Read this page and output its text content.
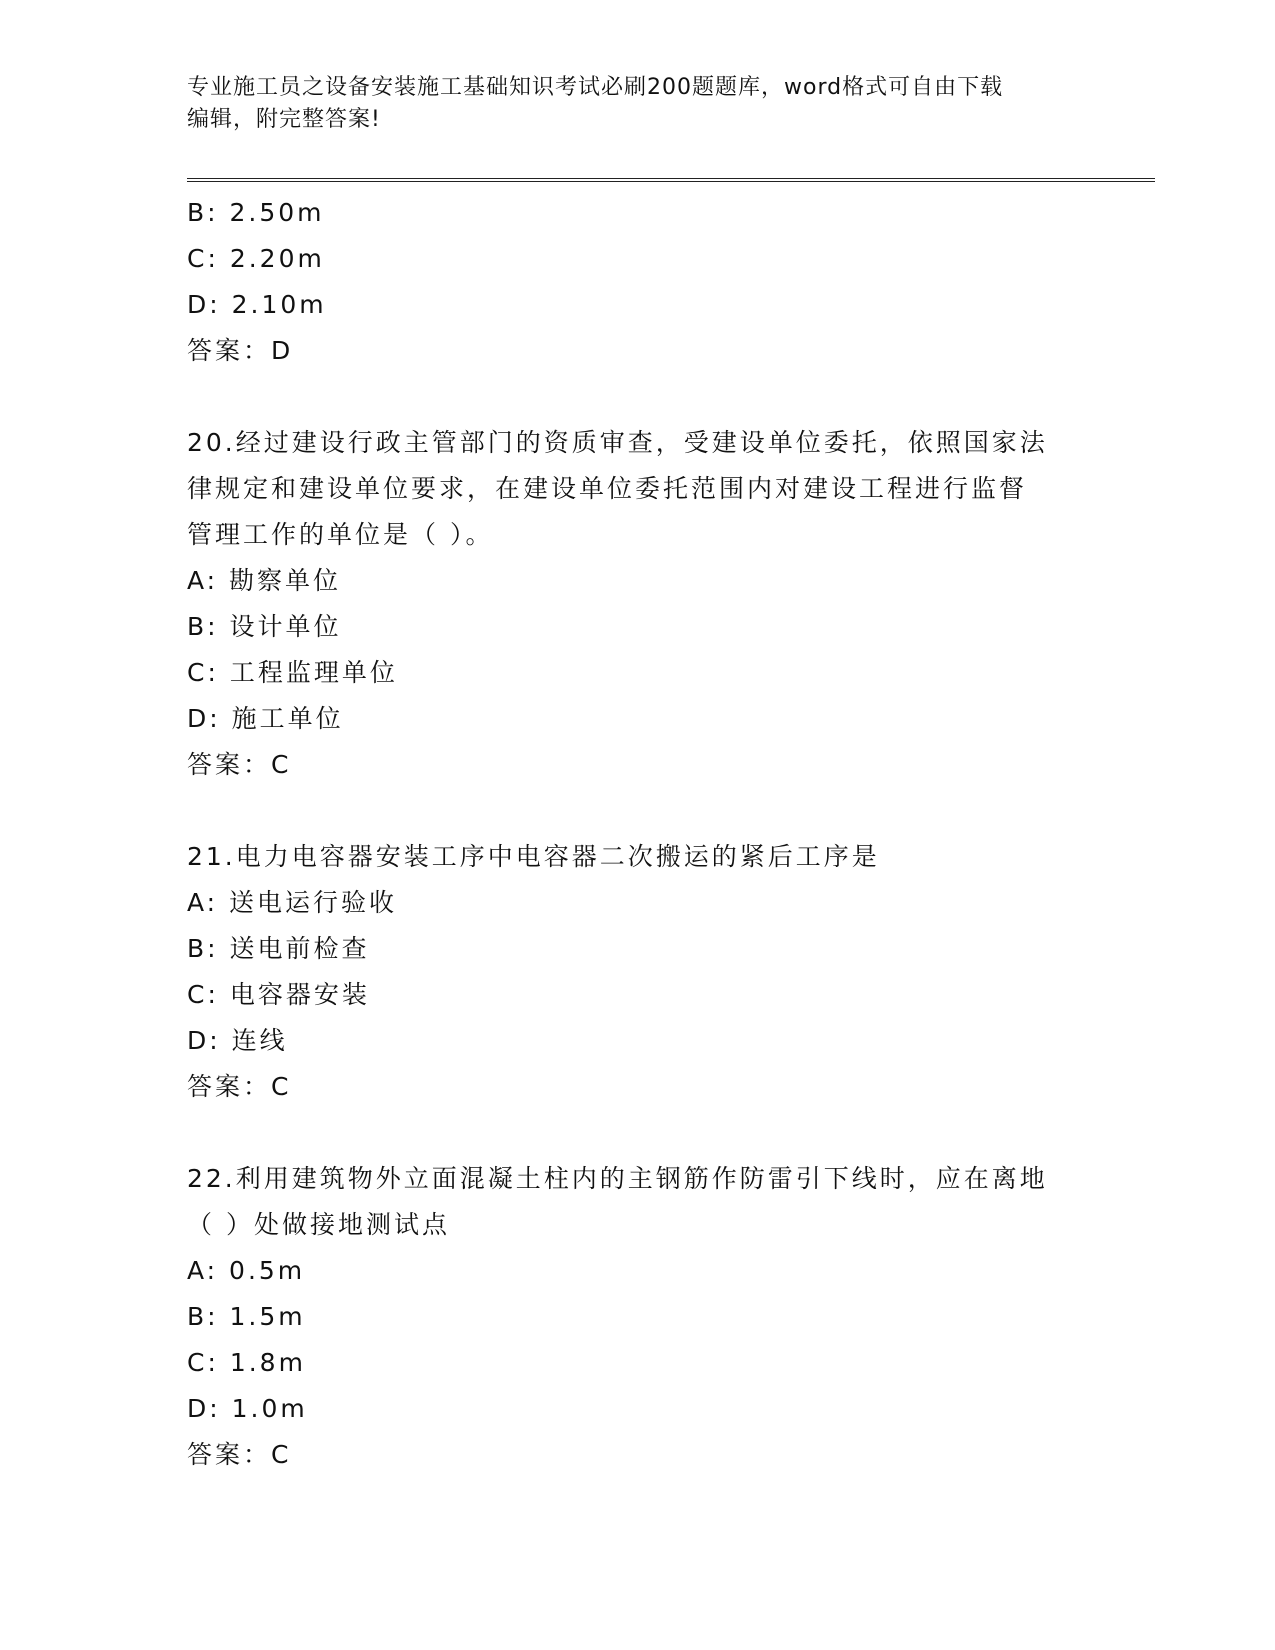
专业施工员之设备安装施工基础知识考试必刷200题题库，word格式可自由下载
编辑，附完整答案!
B: 2.50m
C: 2.20m
D: 2.10m
答案：D
20.经过建设行政主管部门的资质审查，受建设单位委托，依照国家法
律规定和建设单位要求，在建设单位委托范围内对建设工程进行监督
管理工作的单位是（ ）。
A: 勘察单位
B: 设计单位
C: 工程监理单位
D: 施工单位
答案：C
21.电力电容器安装工序中电容器二次搬运的紧后工序是
A: 送电运行验收
B: 送电前检查
C: 电容器安装
D: 连线
答案：C
22.利用建筑物外立面混凝土柱内的主钢筋作防雷引下线时，应在离地
（ ）处做接地测试点
A: 0.5m
B: 1.5m
C: 1.8m
D: 1.0m
答案：C
